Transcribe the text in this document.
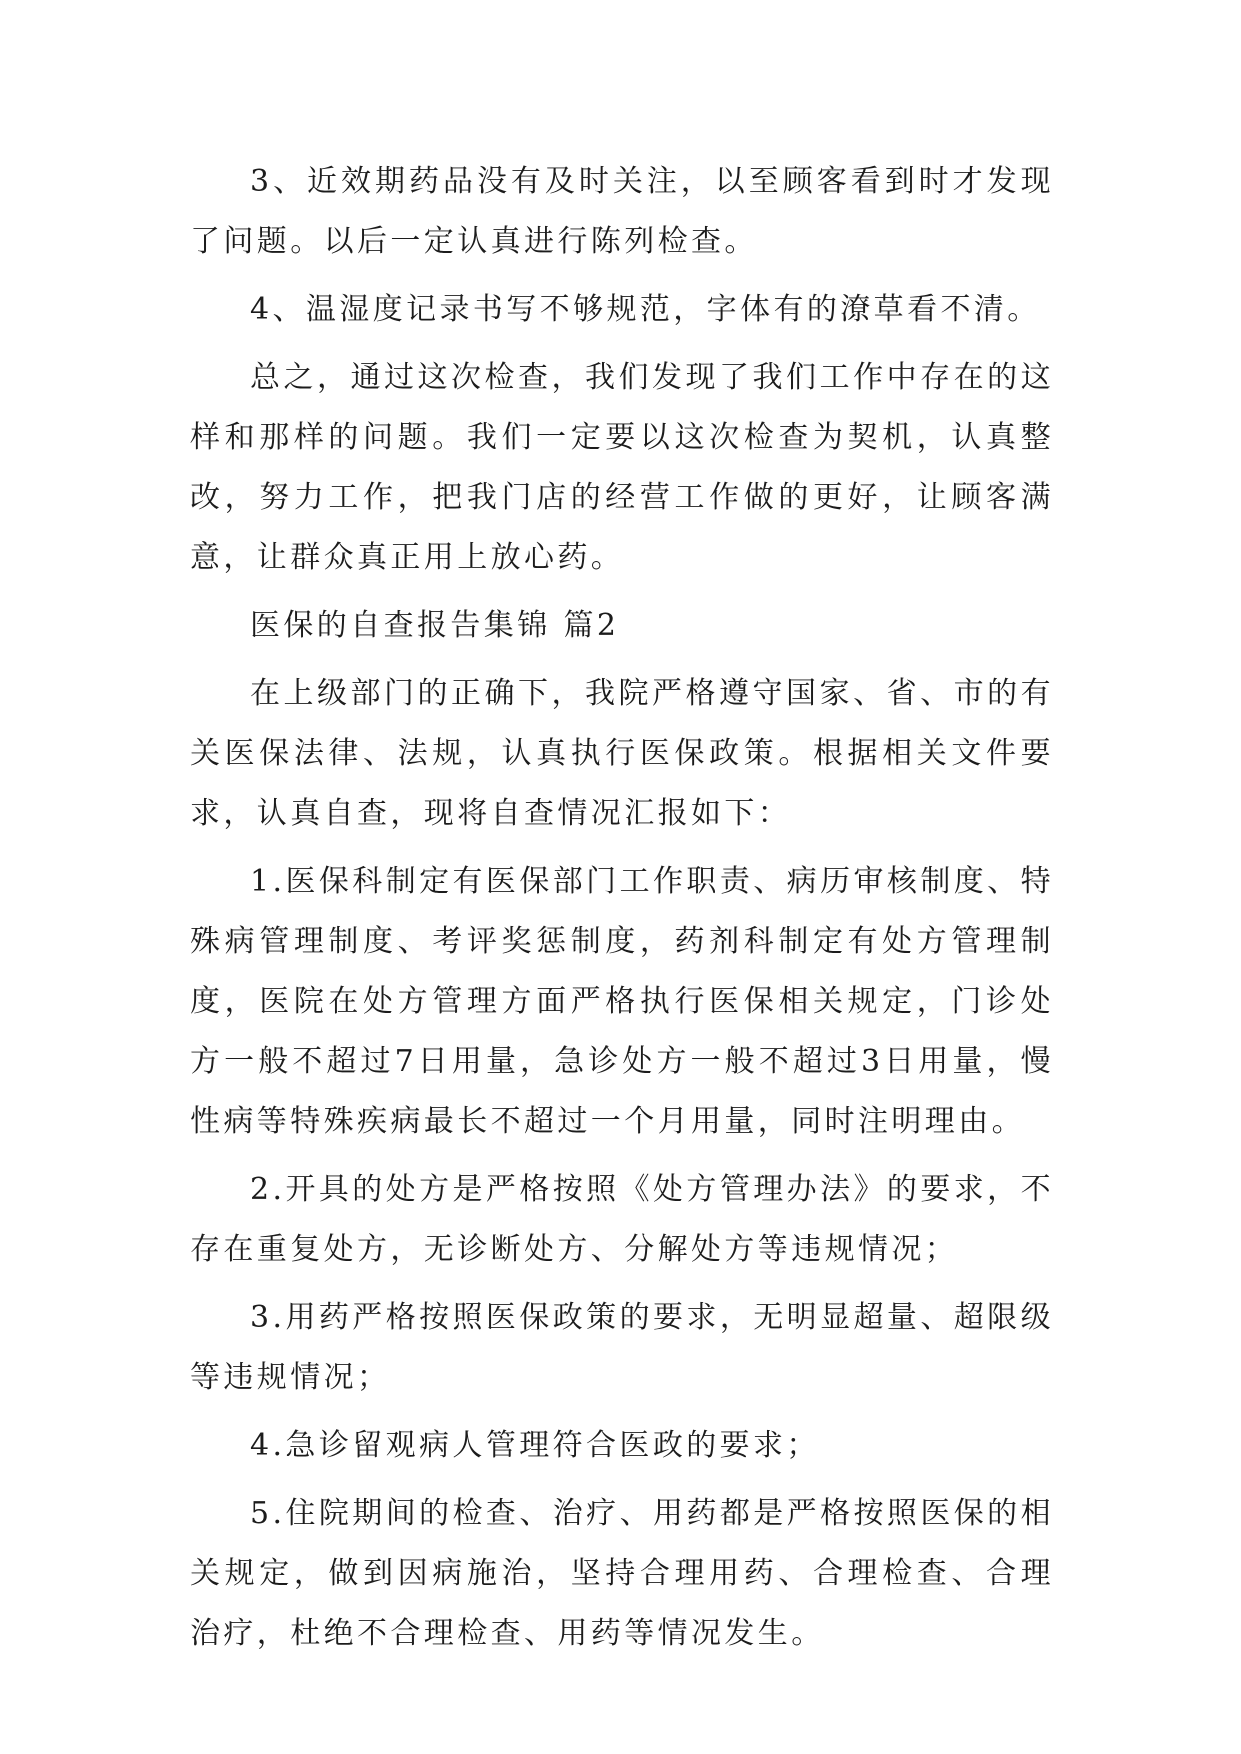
3、近效期药品没有及时关注，以至顾客看到时才发现了问题。以后一定认真进行陈列检查。

4、温湿度记录书写不够规范，字体有的潦草看不清。

总之，通过这次检查，我们发现了我们工作中存在的这样和那样的问题。我们一定要以这次检查为契机，认真整改，努力工作，把我门店的经营工作做的更好，让顾客满意，让群众真正用上放心药。

医保的自查报告集锦 篇2

在上级部门的正确下，我院严格遵守国家、省、市的有关医保法律、法规，认真执行医保政策。根据相关文件要求，认真自查，现将自查情况汇报如下：

1.医保科制定有医保部门工作职责、病历审核制度、特殊病管理制度、考评奖惩制度，药剂科制定有处方管理制度，医院在处方管理方面严格执行医保相关规定，门诊处方一般不超过7日用量，急诊处方一般不超过3日用量，慢性病等特殊疾病最长不超过一个月用量，同时注明理由。

2.开具的处方是严格按照《处方管理办法》的要求，不存在重复处方，无诊断处方、分解处方等违规情况；

3.用药严格按照医保政策的要求，无明显超量、超限级等违规情况；

4.急诊留观病人管理符合医政的要求；

5.住院期间的检查、治疗、用药都是严格按照医保的相关规定，做到因病施治，坚持合理用药、合理检查、合理治疗，杜绝不合理检查、用药等情况发生。
